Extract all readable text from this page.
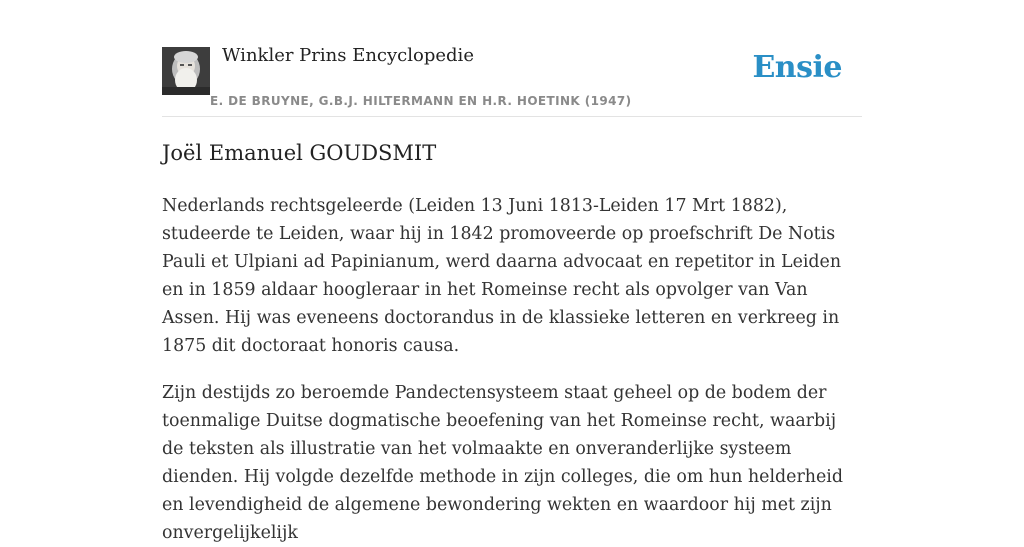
Winkler Prins Encyclopedie
E. DE BRUYNE, G.B.J. HILTERMANN EN H.R. HOETINK (1947)
Ensie
Joël Emanuel GOUDSMIT

Nederlands rechtsgeleerde (Leiden 13 Juni 1813-Leiden 17 Mrt 1882), studeerde te Leiden, waar hij in 1842 promoveerde op proefschrift De Notis Pauli et Ulpiani ad Papinianum, werd daarna advocaat en repetitor in Leiden en in 1859 aldaar hoogleraar in het Romeinse recht als opvolger van Van Assen. Hij was eveneens doctorandus in de klassieke letteren en verkreeg in 1875 dit doctoraat honoris causa.

Zijn destijds zo beroemde Pandectensysteem staat geheel op de bodem der toenmalige Duitse dogmatische beoefening van het Romeinse recht, waarbij de teksten als illustratie van het volmaakte en onveranderlijke systeem dienden. Hij volgde dezelfde methode in zijn colleges, die om hun helderheid en levendigheid de algemene bewondering wekten en waardoor hij met zijn onvergelijkelijk
